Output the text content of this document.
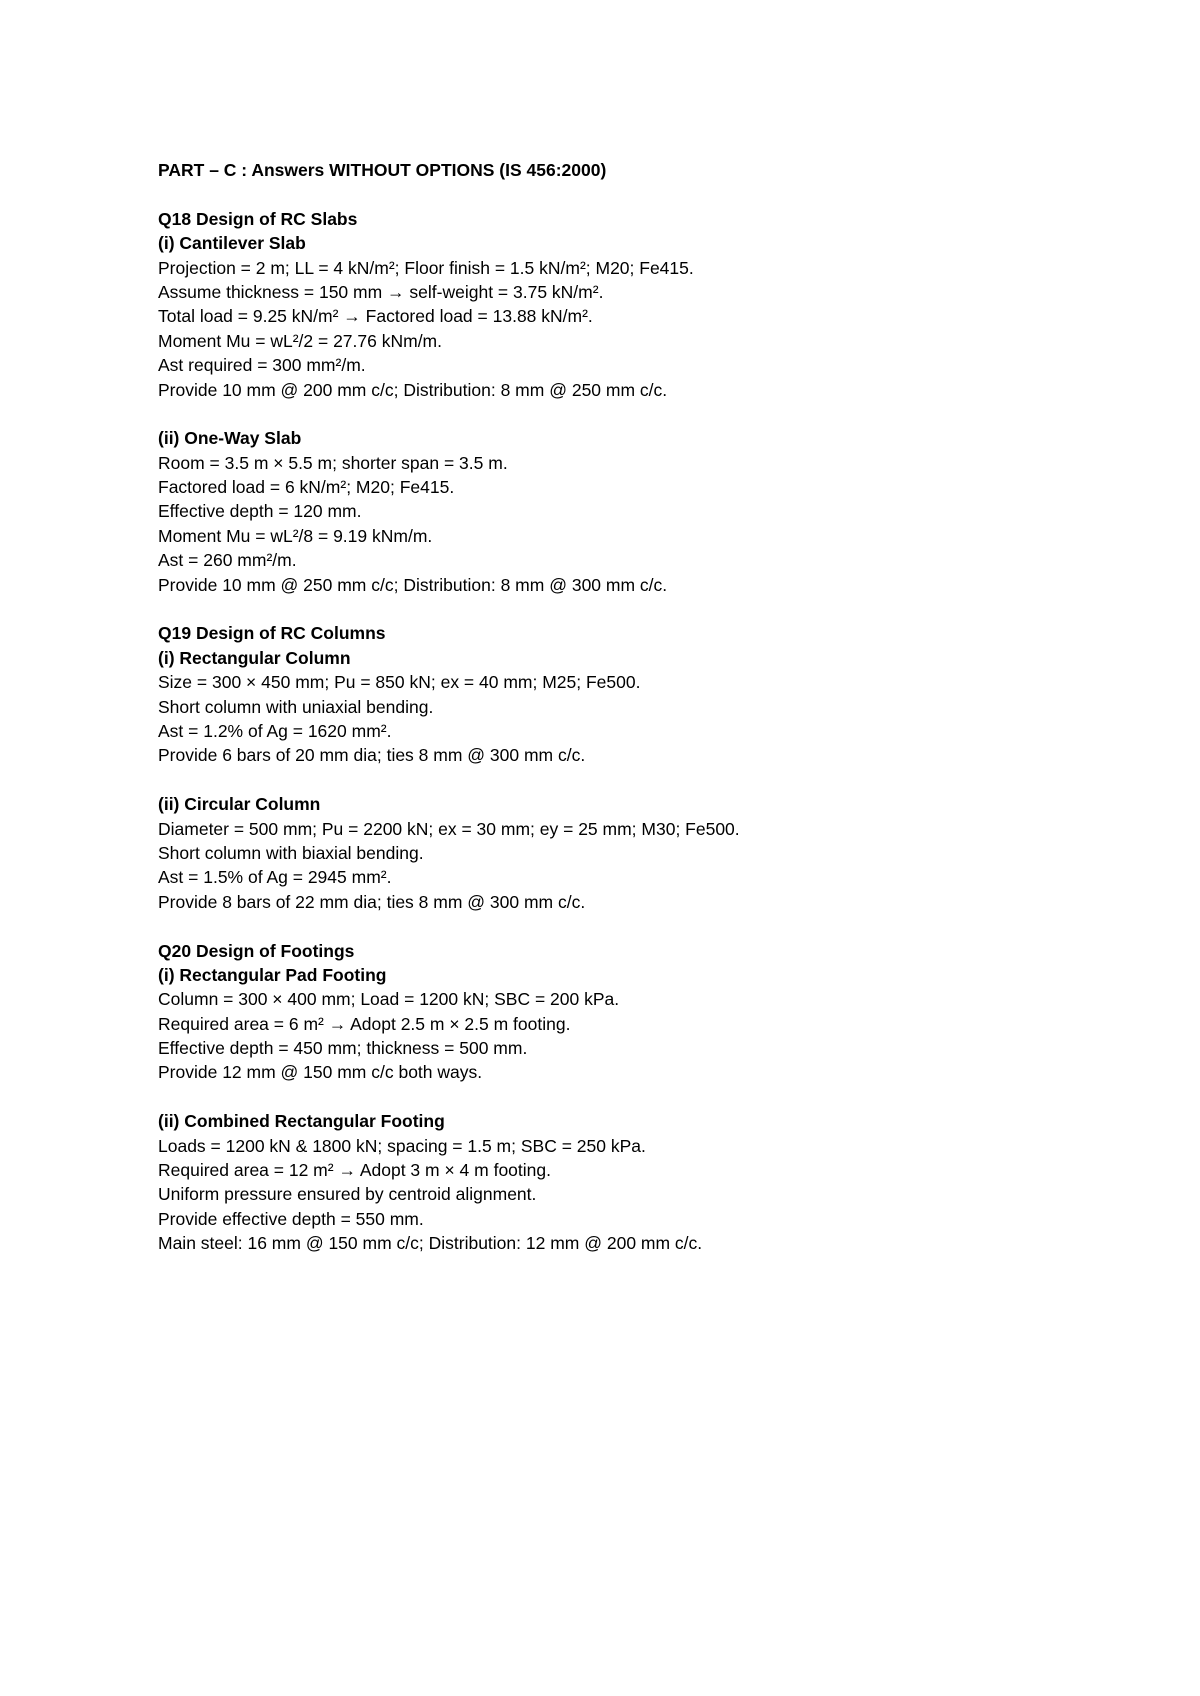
PART – C : Answers WITHOUT OPTIONS (IS 456:2000)

Q18 Design of RC Slabs

(i) Cantilever Slab

Projection = 2 m; LL = 4 kN/m²; Floor finish = 1.5 kN/m²; M20; Fe415.

Assume thickness = 150 mm → self-weight = 3.75 kN/m².

Total load = 9.25 kN/m² → Factored load = 13.88 kN/m².

Moment Mu = wL²/2 = 27.76 kNm/m.

Ast required = 300 mm²/m.

Provide 10 mm @ 200 mm c/c; Distribution: 8 mm @ 250 mm c/c.

(ii) One-Way Slab

Room = 3.5 m × 5.5 m; shorter span = 3.5 m.

Factored load = 6 kN/m²; M20; Fe415.

Effective depth = 120 mm.

Moment Mu = wL²/8 = 9.19 kNm/m.

Ast = 260 mm²/m.

Provide 10 mm @ 250 mm c/c; Distribution: 8 mm @ 300 mm c/c.

Q19 Design of RC Columns

(i) Rectangular Column

Size = 300 × 450 mm; Pu = 850 kN; ex = 40 mm; M25; Fe500.

Short column with uniaxial bending.

Ast = 1.2% of Ag = 1620 mm².

Provide 6 bars of 20 mm dia; ties 8 mm @ 300 mm c/c.

(ii) Circular Column

Diameter = 500 mm; Pu = 2200 kN; ex = 30 mm; ey = 25 mm; M30; Fe500.

Short column with biaxial bending.

Ast = 1.5% of Ag = 2945 mm².

Provide 8 bars of 22 mm dia; ties 8 mm @ 300 mm c/c.

Q20 Design of Footings

(i) Rectangular Pad Footing

Column = 300 × 400 mm; Load = 1200 kN; SBC = 200 kPa.

Required area = 6 m² → Adopt 2.5 m × 2.5 m footing.

Effective depth = 450 mm; thickness = 500 mm.

Provide 12 mm @ 150 mm c/c both ways.

(ii) Combined Rectangular Footing

Loads = 1200 kN & 1800 kN; spacing = 1.5 m; SBC = 250 kPa.

Required area = 12 m² → Adopt 3 m × 4 m footing.

Uniform pressure ensured by centroid alignment.

Provide effective depth = 550 mm.

Main steel: 16 mm @ 150 mm c/c; Distribution: 12 mm @ 200 mm c/c.
